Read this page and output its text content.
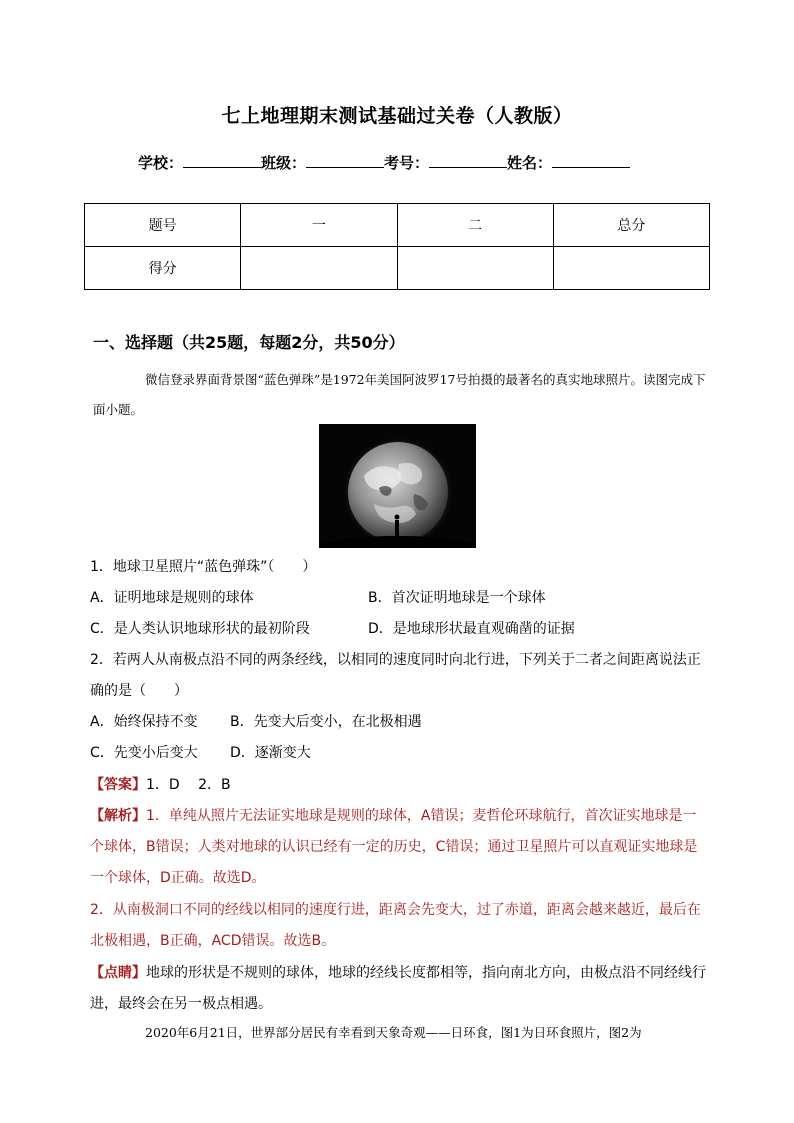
七上地理期末测试基础过关卷（人教版）
学校：	班级：	考号：	姓名：
题号	一	二	总分
得分			
一、选择题（共25题，每题2分，共50分）
微信登录界面背景图“蓝色弹珠”是1972年美国阿波罗17号拍摄的最著名的真实地球照片。读图完成下面小题。
1．地球卫星照片“蓝色弹珠”（　　）
A．证明地球是规则的球体	B．首次证明地球是一个球体
C．是人类认识地球形状的最初阶段	D．是地球形状最直观确凿的证据
2．若两人从南极点沿不同的两条经线，以相同的速度同时向北行进，下列关于二者之间距离说法正
确的是（　　）
A．始终保持不变 B．先变大后变小，在北极相遇
C．先变小后变大 D．逐渐变大
【答案】1．D　 2．B
【解析】1．单纯从照片无法证实地球是规则的球体，A错误；麦哲伦环球航行，首次证实地球是一
个球体，B错误；人类对地球的认识已经有一定的历史，C错误；通过卫星照片可以直观证实地球是
一个球体，D正确。故选D。
2．从南极洞口不同的经线以相同的速度行进，距离会先变大，过了赤道，距离会越来越近，最后在
北极相遇，B正确，ACD错误。故选B。
【点睛】地球的形状是不规则的球体，地球的经线长度都相等，指向南北方向，由极点沿不同经线行
进，最终会在另一极点相遇。
2020年6月21日，世界部分居民有幸看到天象奇观——日环食，图1为日环食照片，图2为
